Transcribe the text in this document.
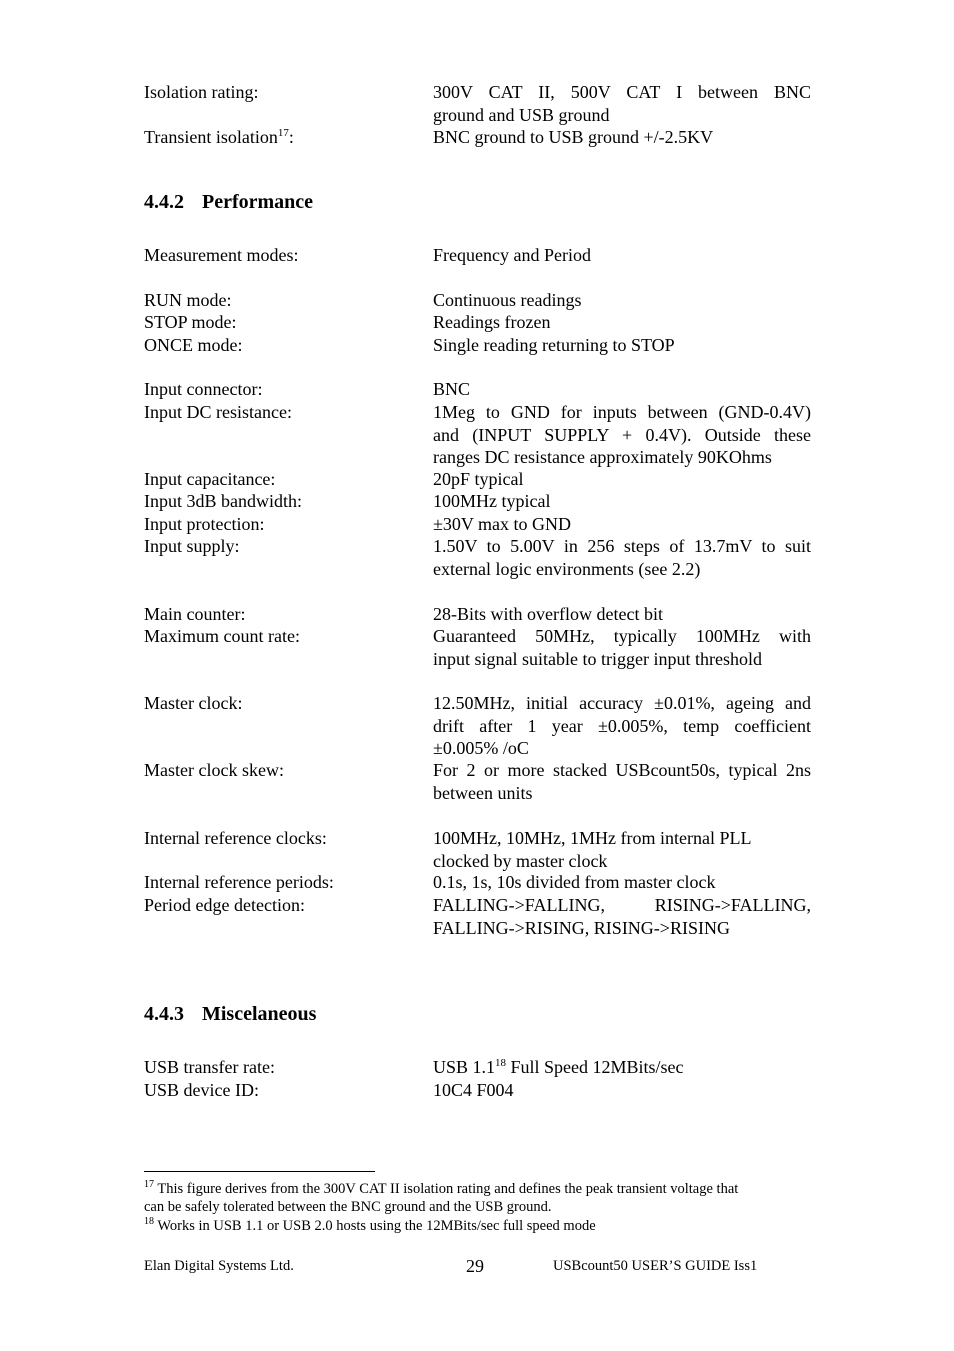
Isolation rating:	300V CAT II, 500V CAT I between BNC
ground and USB ground
Transient isolation$^{17}$:	BNC ground to USB ground +/-2.5KV
4.4.2 Performance
Measurement modes:	Frequency and Period
RUN mode:	Continuous readings
STOP mode:	Readings frozen
ONCE mode:	Single reading returning to STOP
Input connector:	BNC
Input DC resistance:	1Meg to GND for inputs between (GND-0.4V)
and (INPUT SUPPLY + 0.4V). Outside these
ranges DC resistance approximately 90KOhms
Input capacitance:	20pF typical
Input 3dB bandwidth:	100MHz typical
Input protection:	±30V max to GND
Input supply:	1.50V to 5.00V in 256 steps of 13.7mV to suit
external logic environments (see 2.2)
Main counter:	28-Bits with overflow detect bit
Maximum count rate:	Guaranteed 50MHz, typically 100MHz with
input signal suitable to trigger input threshold
Master clock:	12.50MHz, initial accuracy ±0.01%, ageing and
drift after 1 year ±0.005%, temp coefficient
±0.005% /oC
Master clock skew:	For 2 or more stacked USBcount50s, typical 2ns
between units
Internal reference clocks:	100MHz, 10MHz, 1MHz from internal PLL
clocked by master clock
Internal reference periods:	0.1s, 1s, 10s divided from master clock
Period edge detection:	FALLING->FALLING, RISING->FALLING,
FALLING->RISING, RISING->RISING
4.4.3 Miscelaneous
USB transfer rate:	USB $1.1^{18}$ Full Speed 12MBits/sec
USB device ID:	10C4 F004
$^{17}$ This figure derives from the 300V CAT II isolation rating and defines the peak transient voltage that
can be safely tolerated between the BNC ground and the USB ground.
$^{18}$ Works in USB 1.1 or USB 2.0 hosts using the 12MBits/sec full speed mode
Elan Digital Systems Ltd.	29	USBcount50 USER’S GUIDE Iss1
